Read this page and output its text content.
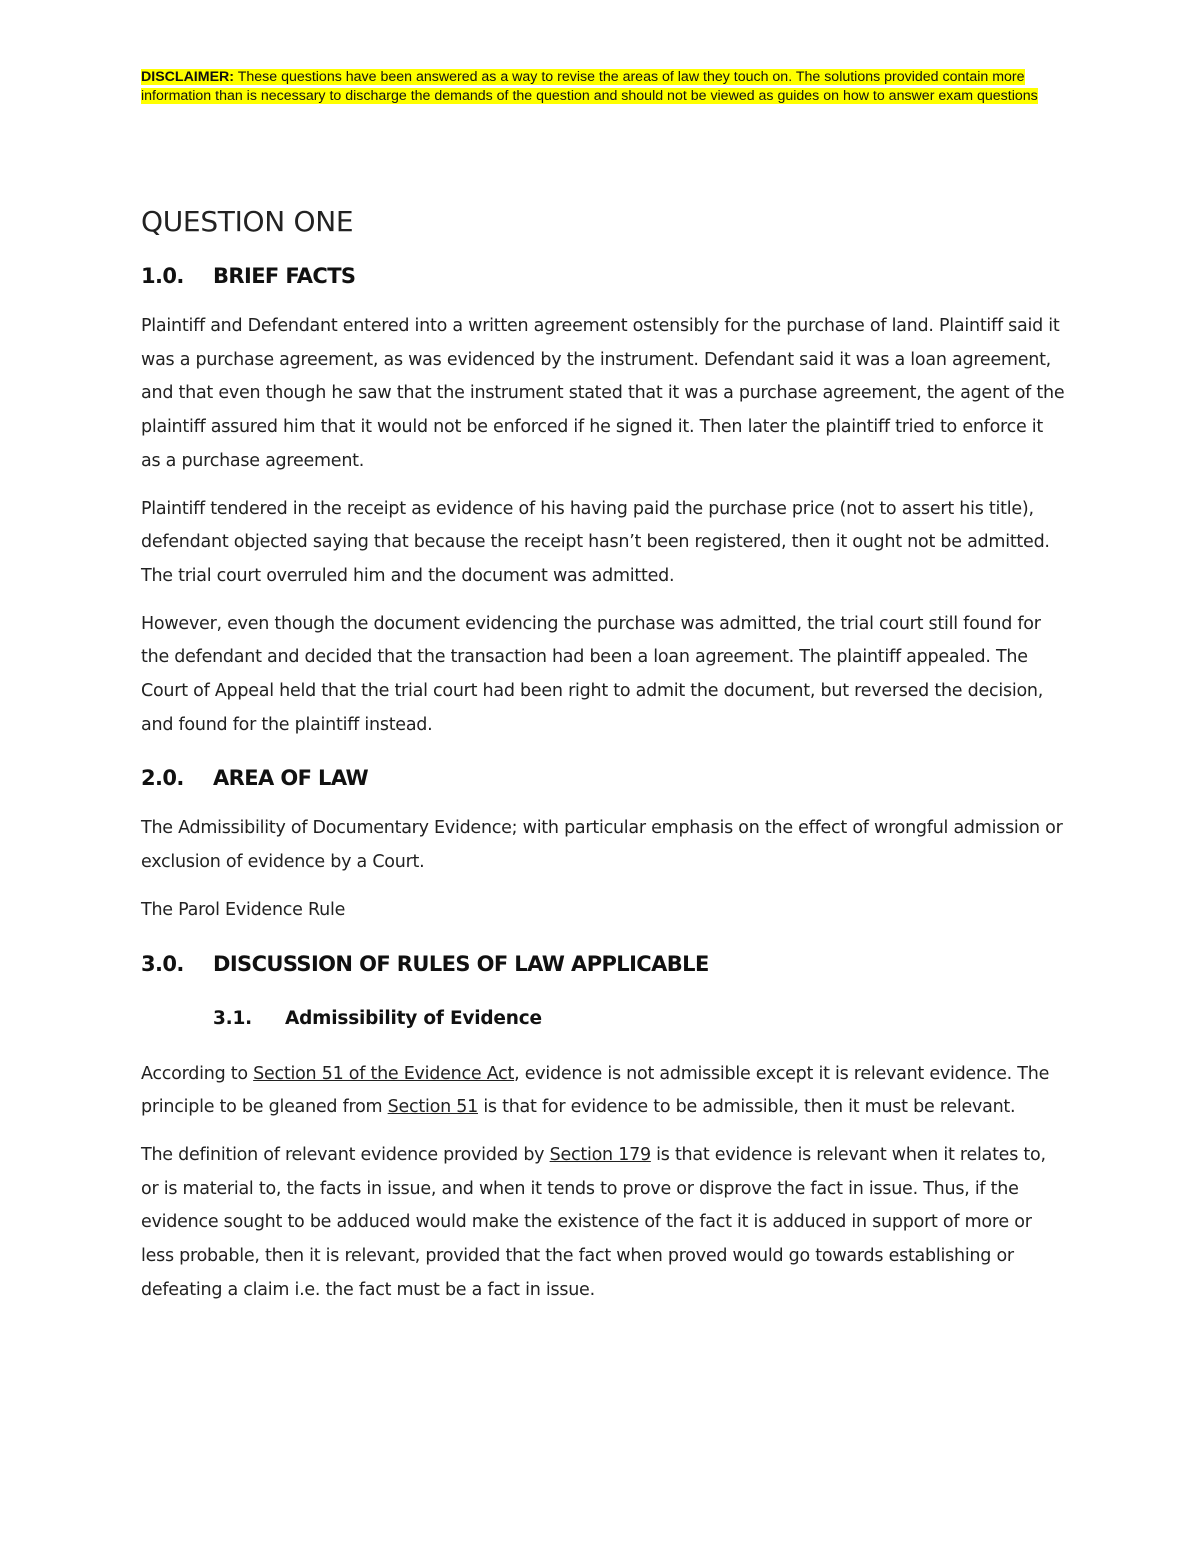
DISCLAIMER: These questions have been answered as a way to revise the areas of law they touch on. The solutions provided contain more information than is necessary to discharge the demands of the question and should not be viewed as guides on how to answer exam questions

QUESTION ONE
1.0.	BRIEF FACTS

Plaintiff and Defendant entered into a written agreement ostensibly for the purchase of land. Plaintiff said it was a purchase agreement, as was evidenced by the instrument. Defendant said it was a loan agreement, and that even though he saw that the instrument stated that it was a purchase agreement, the agent of the plaintiff assured him that it would not be enforced if he signed it. Then later the plaintiff tried to enforce it as a purchase agreement.

Plaintiff tendered in the receipt as evidence of his having paid the purchase price (not to assert his title), defendant objected saying that because the receipt hasn’t been registered, then it ought not be admitted. The trial court overruled him and the document was admitted.

However, even though the document evidencing the purchase was admitted, the trial court still found for the defendant and decided that the transaction had been a loan agreement. The plaintiff appealed. The Court of Appeal held that the trial court had been right to admit the document, but reversed the decision, and found for the plaintiff instead.

2.0.	AREA OF LAW

The Admissibility of Documentary Evidence; with particular emphasis on the effect of wrongful admission or exclusion of evidence by a Court.

The Parol Evidence Rule

3.0.	DISCUSSION OF RULES OF LAW APPLICABLE
3.1.	Admissibility of Evidence

According to Section 51 of the Evidence Act, evidence is not admissible except it is relevant evidence. The principle to be gleaned from Section 51 is that for evidence to be admissible, then it must be relevant.

The definition of relevant evidence provided by Section 179 is that evidence is relevant when it relates to, or is material to, the facts in issue, and when it tends to prove or disprove the fact in issue. Thus, if the evidence sought to be adduced would make the existence of the fact it is adduced in support of more or less probable, then it is relevant, provided that the fact when proved would go towards establishing or defeating a claim i.e. the fact must be a fact in issue.
